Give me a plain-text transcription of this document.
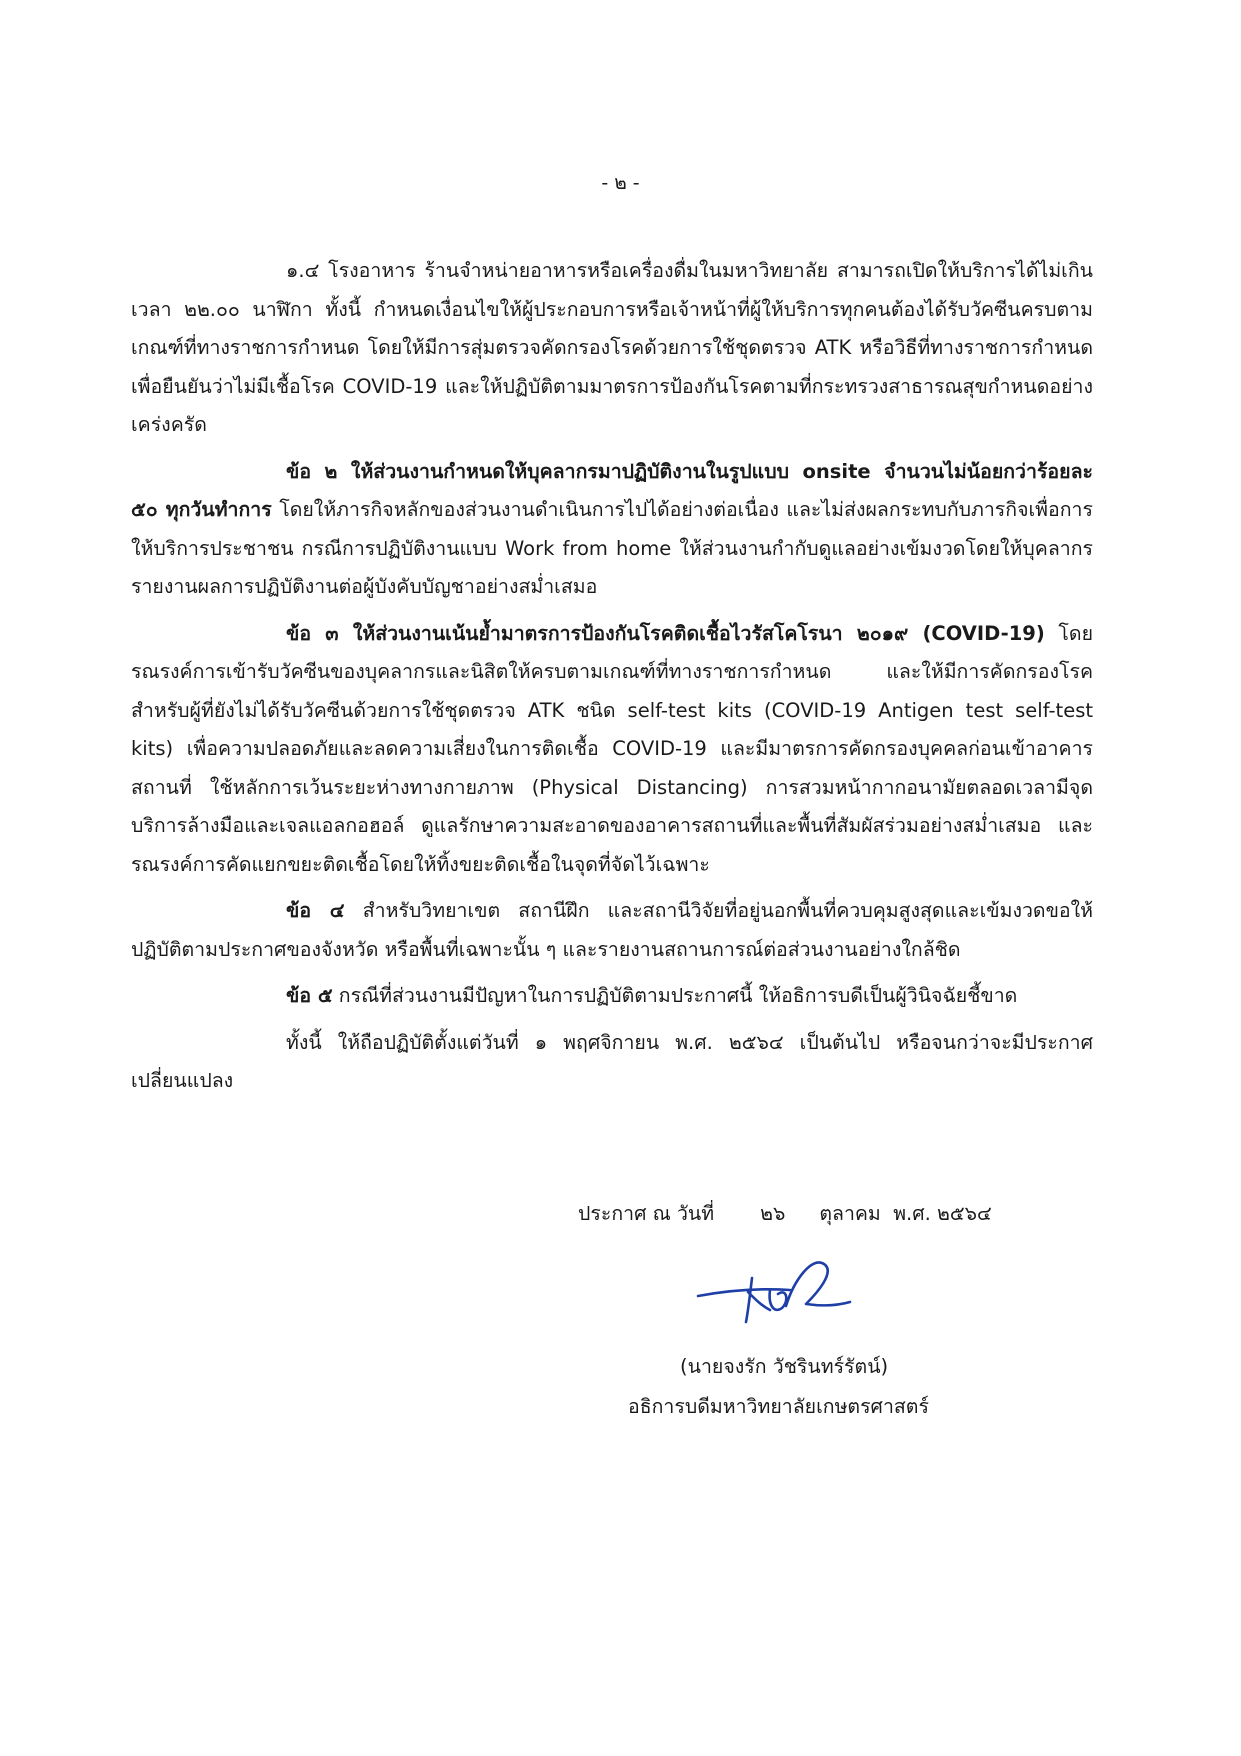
- ๒ -

๑.๔ โรงอาหาร ร้านจำหน่ายอาหารหรือเครื่องดื่มในมหาวิทยาลัย สามารถเปิดให้บริการได้ไม่เกินเวลา ๒๒.๐๐ นาฬิกา ทั้งนี้ กำหนดเงื่อนไขให้ผู้ประกอบการหรือเจ้าหน้าที่ผู้ให้บริการทุกคนต้องได้รับวัคซีนครบตามเกณฑ์ที่ทางราชการกำหนด โดยให้มีการสุ่มตรวจคัดกรองโรคด้วยการใช้ชุดตรวจ ATK หรือวิธีที่ทางราชการกำหนดเพื่อยืนยันว่าไม่มีเชื้อโรค COVID-19 และให้ปฏิบัติตามมาตรการป้องกันโรคตามที่กระทรวงสาธารณสุขกำหนดอย่างเคร่งครัด

ข้อ ๒ ให้ส่วนงานกำหนดให้บุคลากรมาปฏิบัติงานในรูปแบบ onsite จำนวนไม่น้อยกว่าร้อยละ ๕๐ ทุกวันทำการ โดยให้ภารกิจหลักของส่วนงานดำเนินการไปได้อย่างต่อเนื่อง และไม่ส่งผลกระทบกับภารกิจเพื่อการให้บริการประชาชน กรณีการปฏิบัติงานแบบ Work from home ให้ส่วนงานกำกับดูแลอย่างเข้มงวดโดยให้บุคลากรรายงานผลการปฏิบัติงานต่อผู้บังคับบัญชาอย่างสม่ำเสมอ

ข้อ ๓ ให้ส่วนงานเน้นย้ำมาตรการป้องกันโรคติดเชื้อไวรัสโคโรนา ๒๐๑๙ (COVID-19) โดยรณรงค์การเข้ารับวัคซีนของบุคลากรและนิสิตให้ครบตามเกณฑ์ที่ทางราชการกำหนด และให้มีการคัดกรองโรคสำหรับผู้ที่ยังไม่ได้รับวัคซีนด้วยการใช้ชุดตรวจ ATK ชนิด self-test kits (COVID-19 Antigen test self-test kits) เพื่อความปลอดภัยและลดความเสี่ยงในการติดเชื้อ COVID-19 และมีมาตรการคัดกรองบุคคลก่อนเข้าอาคารสถานที่ ใช้หลักการเว้นระยะห่างทางกายภาพ (Physical Distancing) การสวมหน้ากากอนามัยตลอดเวลามีจุดบริการล้างมือและเจลแอลกอฮอล์ ดูแลรักษาความสะอาดของอาคารสถานที่และพื้นที่สัมผัสร่วมอย่างสม่ำเสมอ และรณรงค์การคัดแยกขยะติดเชื้อโดยให้ทิ้งขยะติดเชื้อในจุดที่จัดไว้เฉพาะ

ข้อ ๔ สำหรับวิทยาเขต สถานีฝึก และสถานีวิจัยที่อยู่นอกพื้นที่ควบคุมสูงสุดและเข้มงวดขอให้ปฏิบัติตามประกาศของจังหวัด หรือพื้นที่เฉพาะนั้น ๆ และรายงานสถานการณ์ต่อส่วนงานอย่างใกล้ชิด

ข้อ ๕ กรณีที่ส่วนงานมีปัญหาในการปฏิบัติตามประกาศนี้ ให้อธิการบดีเป็นผู้วินิจฉัยชี้ขาด

ทั้งนี้ ให้ถือปฏิบัติตั้งแต่วันที่ ๑ พฤศจิกายน พ.ศ. ๒๕๖๔ เป็นต้นไป หรือจนกว่าจะมีประกาศเปลี่ยนแปลง

ประกาศ ณ วันที่ ๒๖ ตุลาคม พ.ศ. ๒๕๖๔
(นายจงรัก วัชรินทร์รัตน์)
อธิการบดีมหาวิทยาลัยเกษตรศาสตร์
